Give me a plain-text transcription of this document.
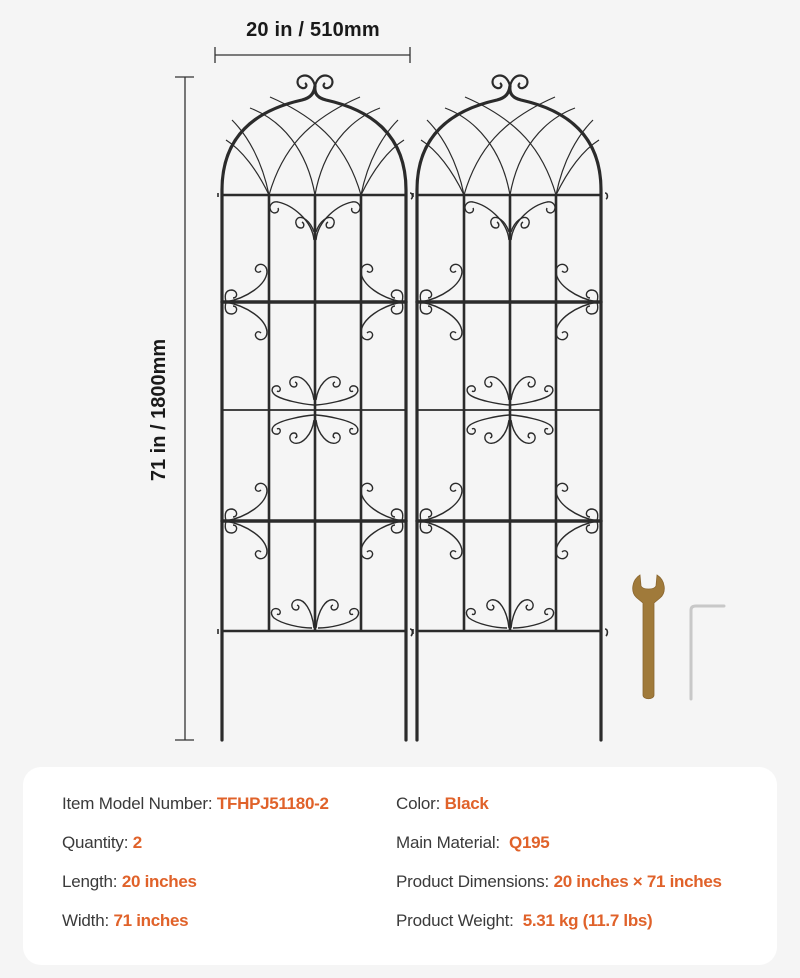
20 in / 510mm
71 in / 1800mm
Item Model Number: TFHPJ51180-2
Quantity: 2
Length: 20 inches
Width: 71 inches
Color: Black
Main Material:  Q195
Product Dimensions: 20 inches × 71 inches
Product Weight:  5.31 kg (11.7 lbs)
